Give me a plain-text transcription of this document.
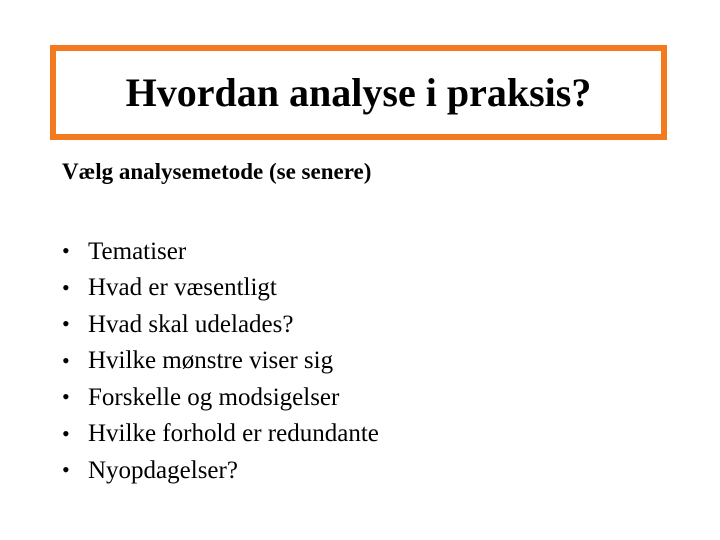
Hvordan analyse i praksis?
Vælg analysemetode (se senere)
• Tematiser
• Hvad er væsentligt
• Hvad skal udelades?
• Hvilke mønstre viser sig
• Forskelle og modsigelser
• Hvilke forhold er redundante
• Nyopdagelser?
